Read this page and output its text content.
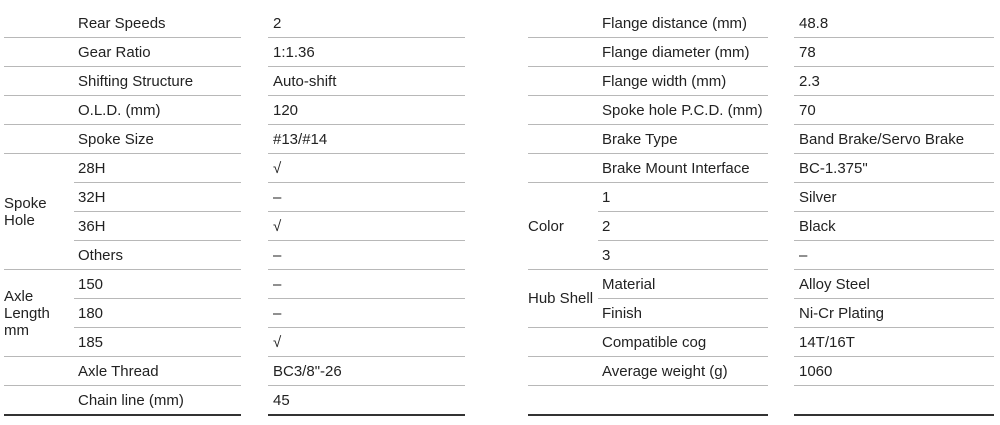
	Rear Speeds		2
	Gear Ratio		1:1.36
	Shifting Structure		Auto-shift
	O.L.D. (mm)		120
	Spoke Size		#13/#14
Spoke Hole	28H		√
	32H		–
	36H		√
	Others		–
Axle Length mm	150		–
	180		–
	185		√
	Axle Thread		BC3/8"-26
	Chain line (mm)		45
	Flange distance (mm)		48.8
	Flange diameter (mm)		78
	Flange width (mm)		2.3
	Spoke hole P.C.D. (mm)		70
	Brake Type		Band Brake/Servo Brake
	Brake Mount Interface		BC-1.375"
Color	1		Silver
	2		Black
	3		–
Hub Shell	Material		Alloy Steel
	Finish		Ni-Cr Plating
	Compatible cog		14T/16T
	Average weight (g)		1060
